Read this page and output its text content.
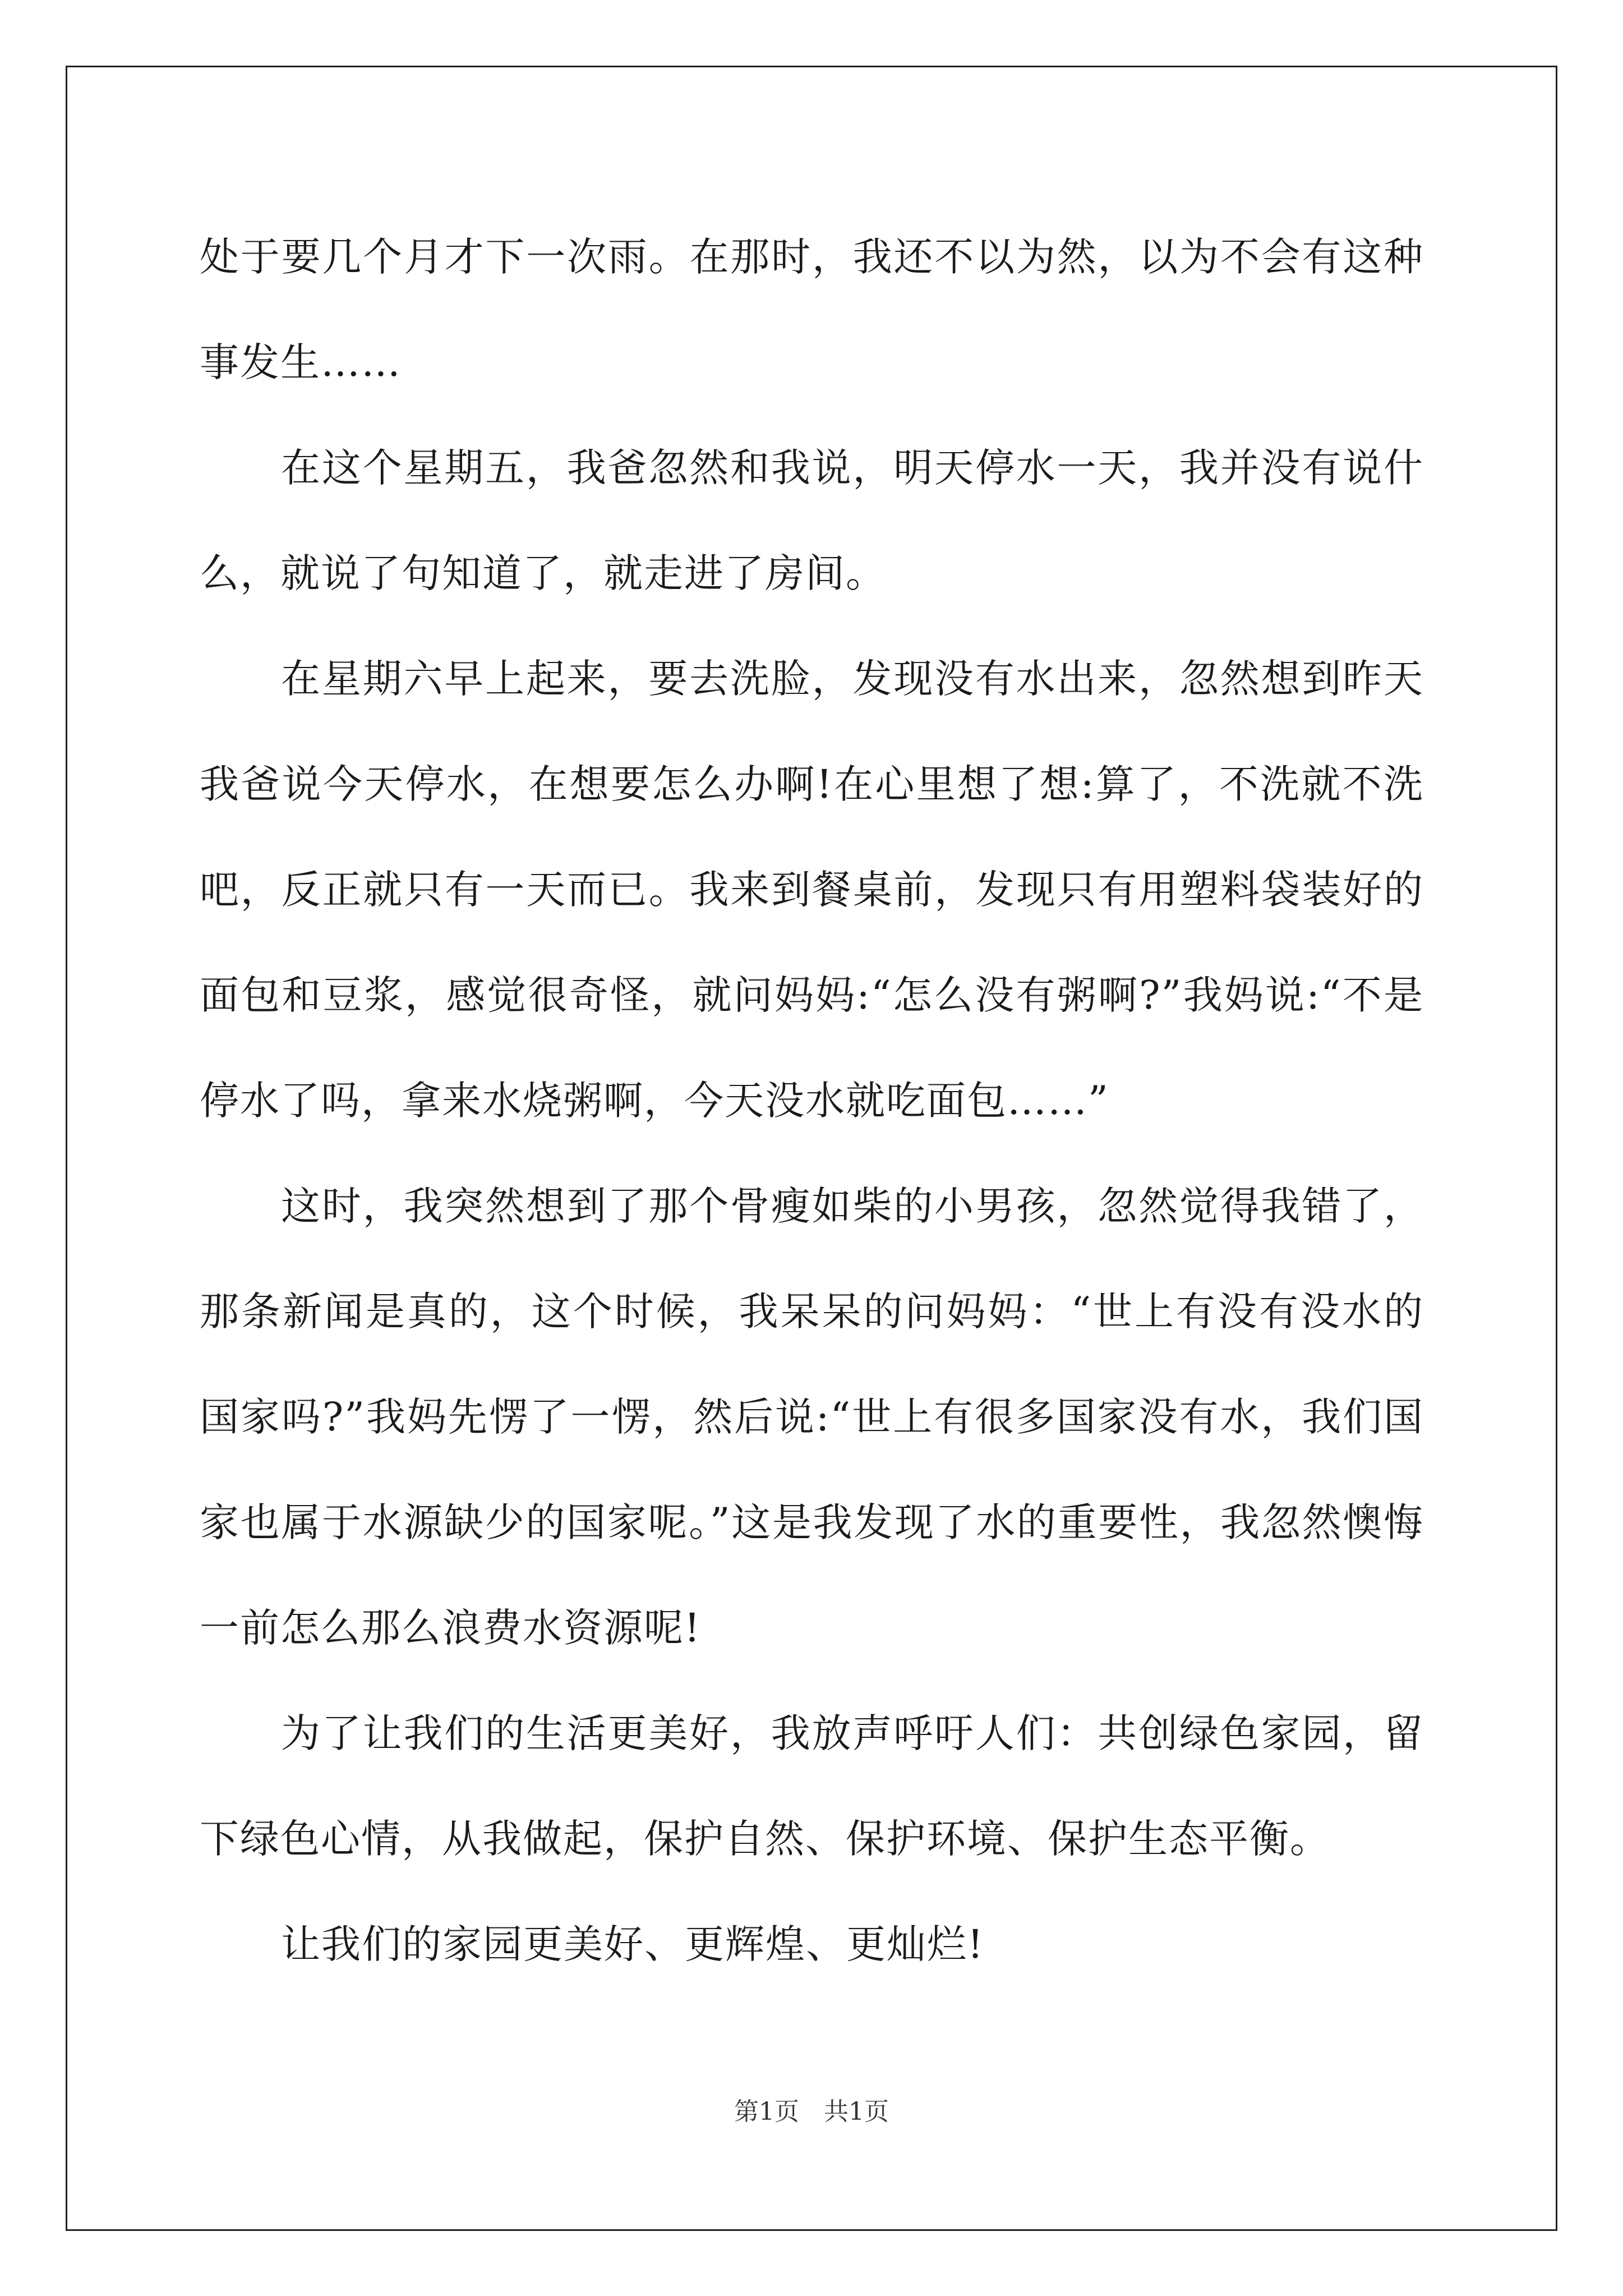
处于要几个月才下一次雨。在那时，我还不以为然，以为不会有这种事发生……

在这个星期五，我爸忽然和我说，明天停水一天，我并没有说什么，就说了句知道了，就走进了房间。

在星期六早上起来，要去洗脸，发现没有水出来，忽然想到昨天我爸说今天停水，在想要怎么办啊!在心里想了想:算了，不洗就不洗吧，反正就只有一天而已。我来到餐桌前，发现只有用塑料袋装好的面包和豆浆，感觉很奇怪，就问妈妈:“怎么没有粥啊?”我妈说:“不是停水了吗，拿来水烧粥啊，今天没水就吃面包……”

这时，我突然想到了那个骨瘦如柴的小男孩，忽然觉得我错了，那条新闻是真的，这个时候，我呆呆的问妈妈：“世上有没有没水的国家吗?”我妈先愣了一愣，然后说:“世上有很多国家没有水，我们国家也属于水源缺少的国家呢。”这是我发现了水的重要性，我忽然懊悔一前怎么那么浪费水资源呢!

为了让我们的生活更美好，我放声呼吁人们：共创绿色家园，留下绿色心情，从我做起，保护自然、保护环境、保护生态平衡。

让我们的家园更美好、更辉煌、更灿烂!

第1页　共1页
